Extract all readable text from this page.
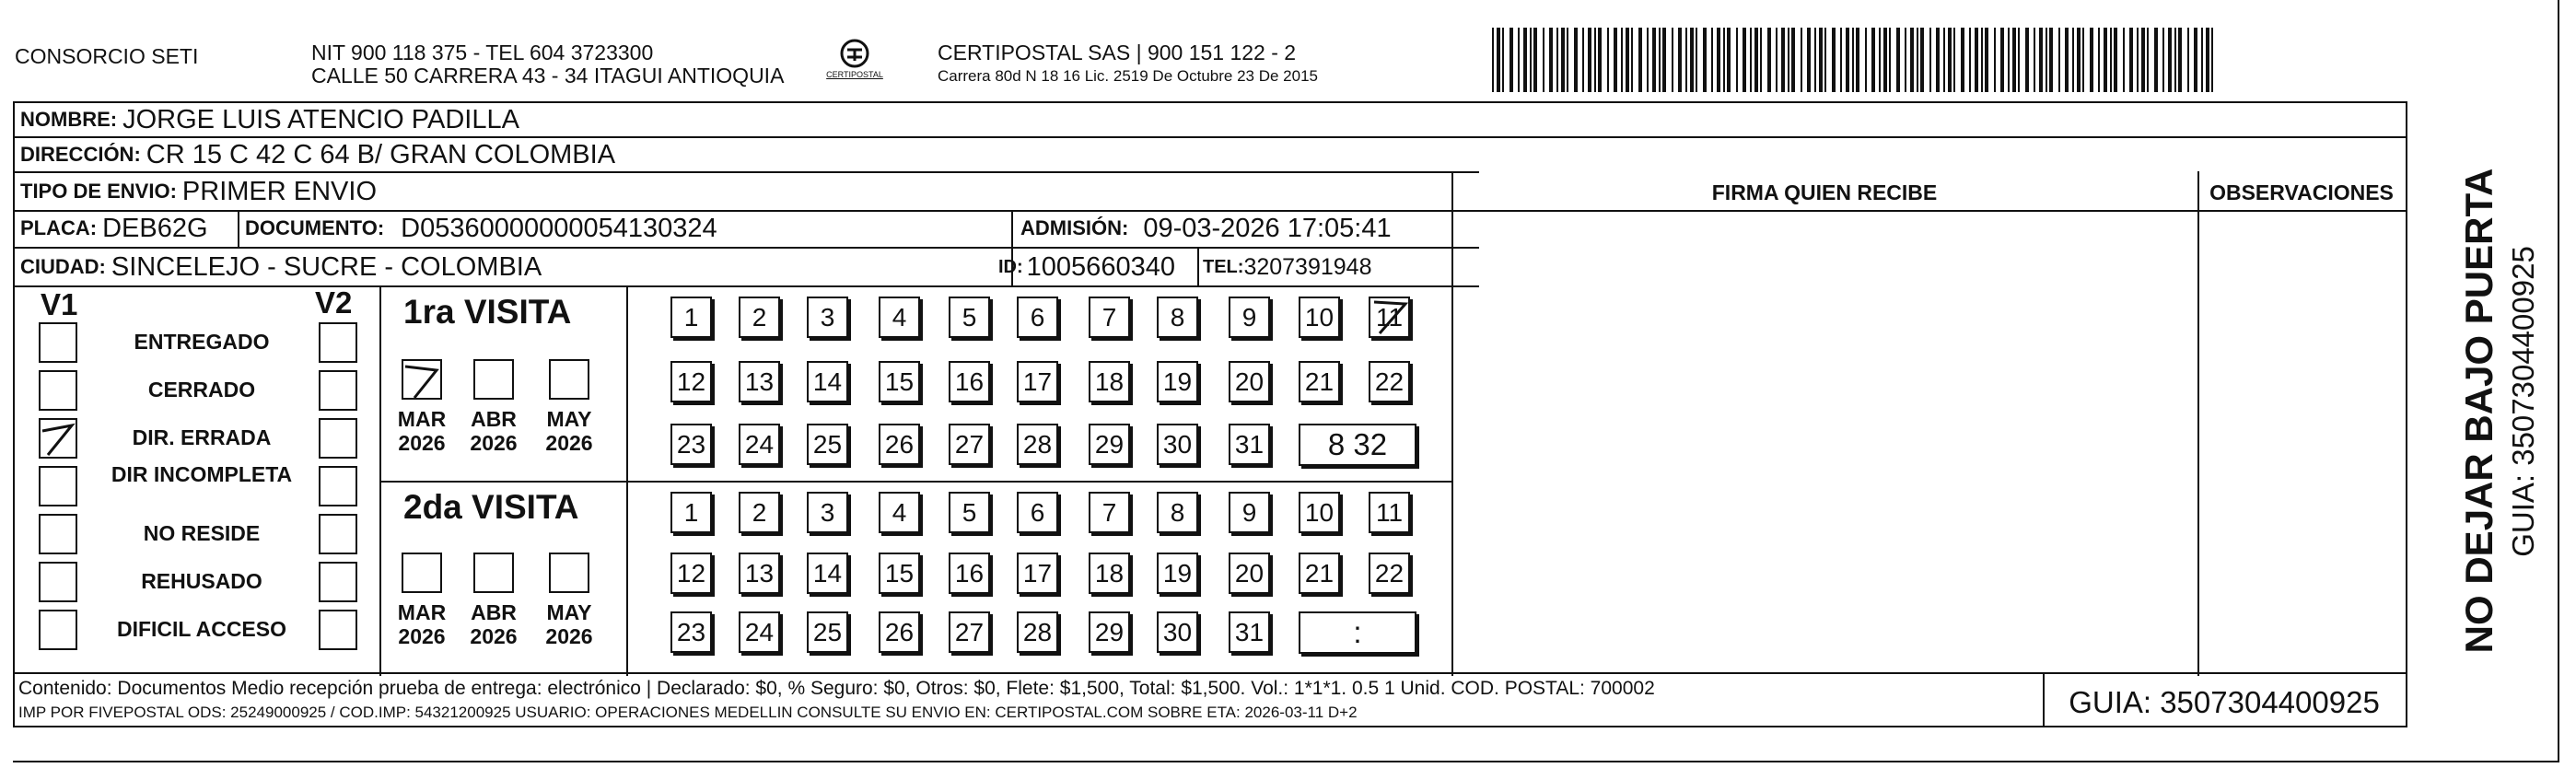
CONSORCIO SETI	NIT 900 118 375 - TEL 604 3723300
CALLE 50 CARRERA 43 - 34 ITAGUI ANTIOQUIA	CERTIPOSTAL
CERTIPOSTAL SAS | 900 151 122 - 2
Carrera 80d N 18 16 Lic. 2519 De Octubre 23 De 2015
NOMBRE: JORGE LUIS ATENCIO PADILLA
DIRECCIÓN: CR 15 C 42 C 64 B/ GRAN COLOMBIA
TIPO DE ENVIO: PRIMER ENVIO
PLACA: DEB62G DOCUMENTO: D05360000000054130324	ADMISIÓN: 09-03-2026 17:05:41
CIUDAD: SINCELEJO - SUCRE - COLOMBIA	ID: 1005660340 TEL: 3207391948
FIRMA QUIEN RECIBE	OBSERVACIONES
V1	V2
ENTREGADO
CERRADO
DIR. ERRADA
DIR INCOMPLETA
NO RESIDE
REHUSADO
DIFICIL ACCESO
1ra VISITA
2da VISITA
MAR
2026
ABR
2026
MAY
2026
MAR
2026
ABR
2026
MAY
2026
1 2 3 4 5 6 7 8 9 10 11
12 13 14 15 16 17 18 19 20 21 22
23 24 25 26 27 28 29 30 31 8 32
1 2 3 4 5 6 7 8 9 10 11
12 13 14 15 16 17 18 19 20 21 22
23 24 25 26 27 28 29 30 31	:
Contenido: Documentos Medio recepción prueba de entrega: electrónico | Declarado: $0, % Seguro: $0, Otros: $0, Flete: $1,500, Total: $1,500. Vol.: 1*1*1. 0.5 1 Unid. COD. POSTAL: 700002
IMP POR FIVEPOSTAL ODS: 25249000925 / COD.IMP: 54321200925 USUARIO: OPERACIONES MEDELLIN CONSULTE SU ENVIO EN: CERTIPOSTAL.COM SOBRE ETA: 2026-03-11 D+2	GUIA: 3507304400925
NO DEJAR BAJO PUERTA GUIA: 3507304400925
